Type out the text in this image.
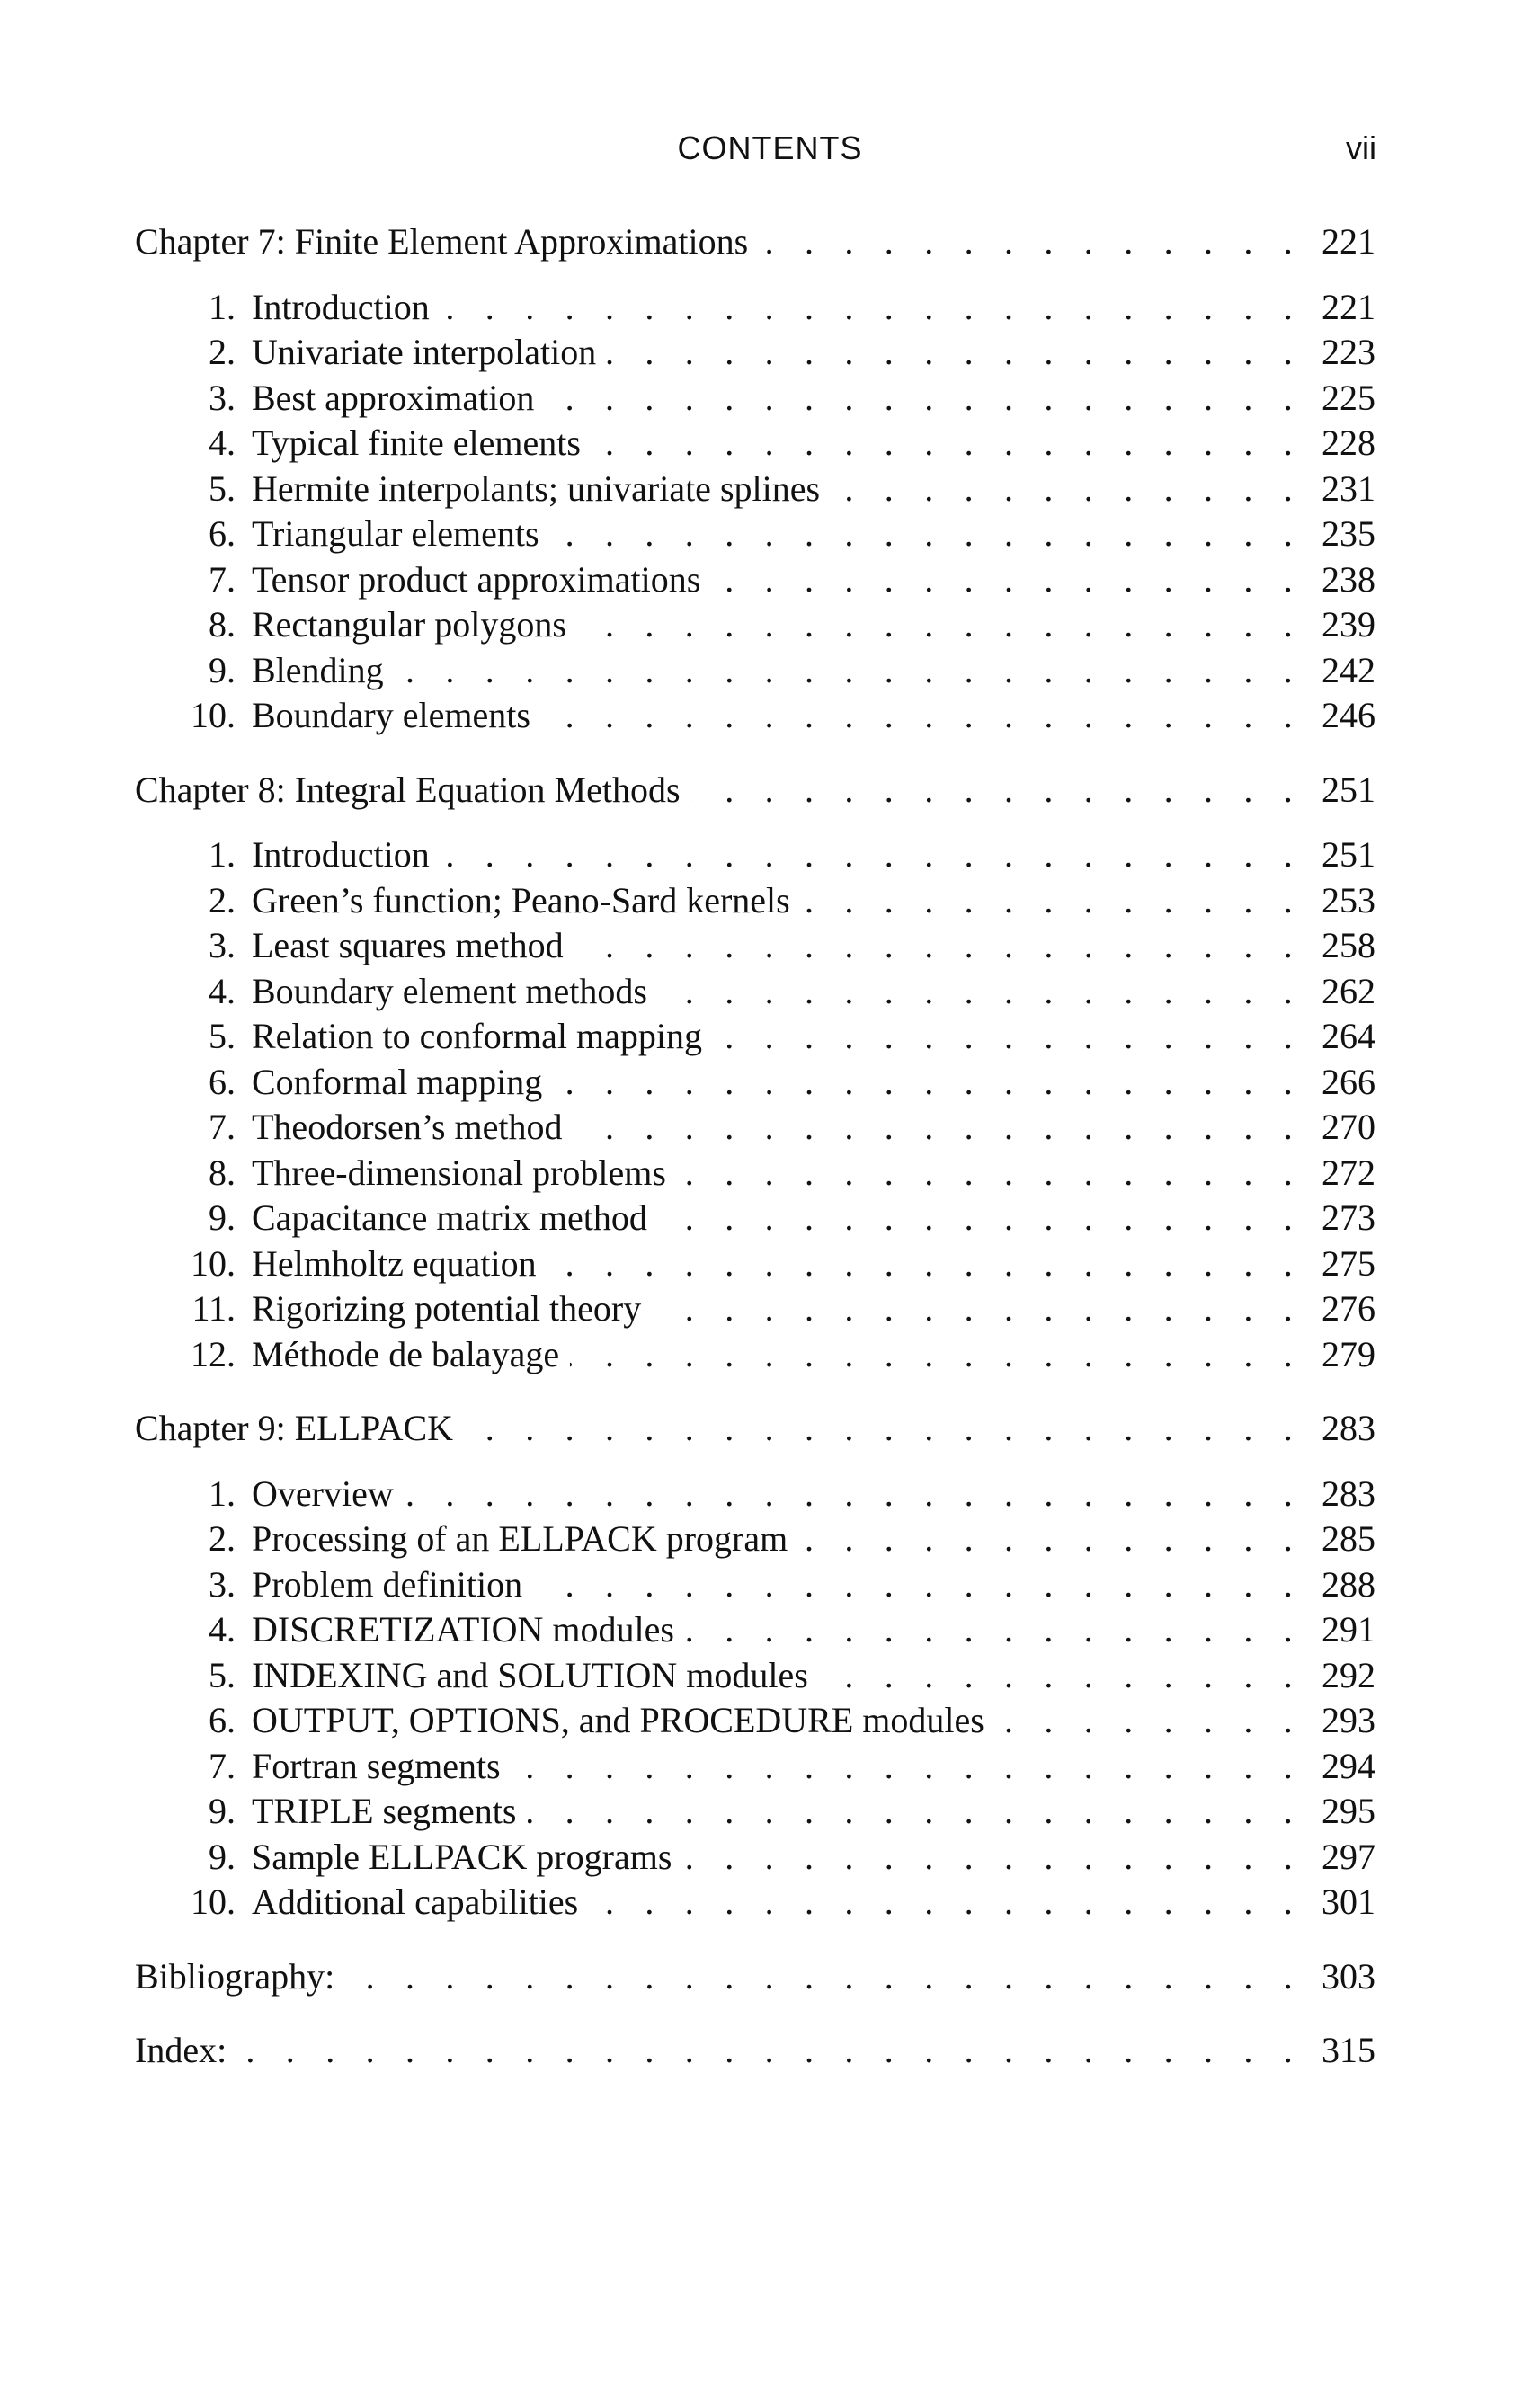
CONTENTS	vii
Chapter 7: Finite Element Approximations . . .	221
1. Introduction . . .	221
2. Univariate interpolation . . .	223
3. Best approximation . . .	225
4. Typical finite elements . . .	228
5. Hermite interpolants; univariate splines . . .	231
6. Triangular elements . . .	235
7. Tensor product approximations . . .	238
8. Rectangular polygons . . .	239
9. Blending . . .	242
10. Boundary elements . . .	246
Chapter 8: Integral Equation Methods . . .	251
1. Introduction . . .	251
2. Green’s function; Peano-Sard kernels . . .	253
3. Least squares method . . .	258
4. Boundary element methods . . .	262
5. Relation to conformal mapping . . .	264
6. Conformal mapping . . .	266
7. Theodorsen’s method . . .	270
8. Three-dimensional problems . . .	272
9. Capacitance matrix method . . .	273
10. Helmholtz equation . . .	275
11. Rigorizing potential theory . . .	276
12. Méthode de balayage . . .	279
Chapter 9: ELLPACK . . .	283
1. Overview . . .	283
2. Processing of an ELLPACK program . . .	285
3. Problem definition . . .	288
4. DISCRETIZATION modules . . .	291
5. INDEXING and SOLUTION modules . . .	292
6. OUTPUT, OPTIONS, and PROCEDURE modules . . .	293
7. Fortran segments . . .	294
9. TRIPLE segments . . .	295
9. Sample ELLPACK programs . . .	297
10. Additional capabilities . . .	301
Bibliography: . . .	303
Index: . . .	315
